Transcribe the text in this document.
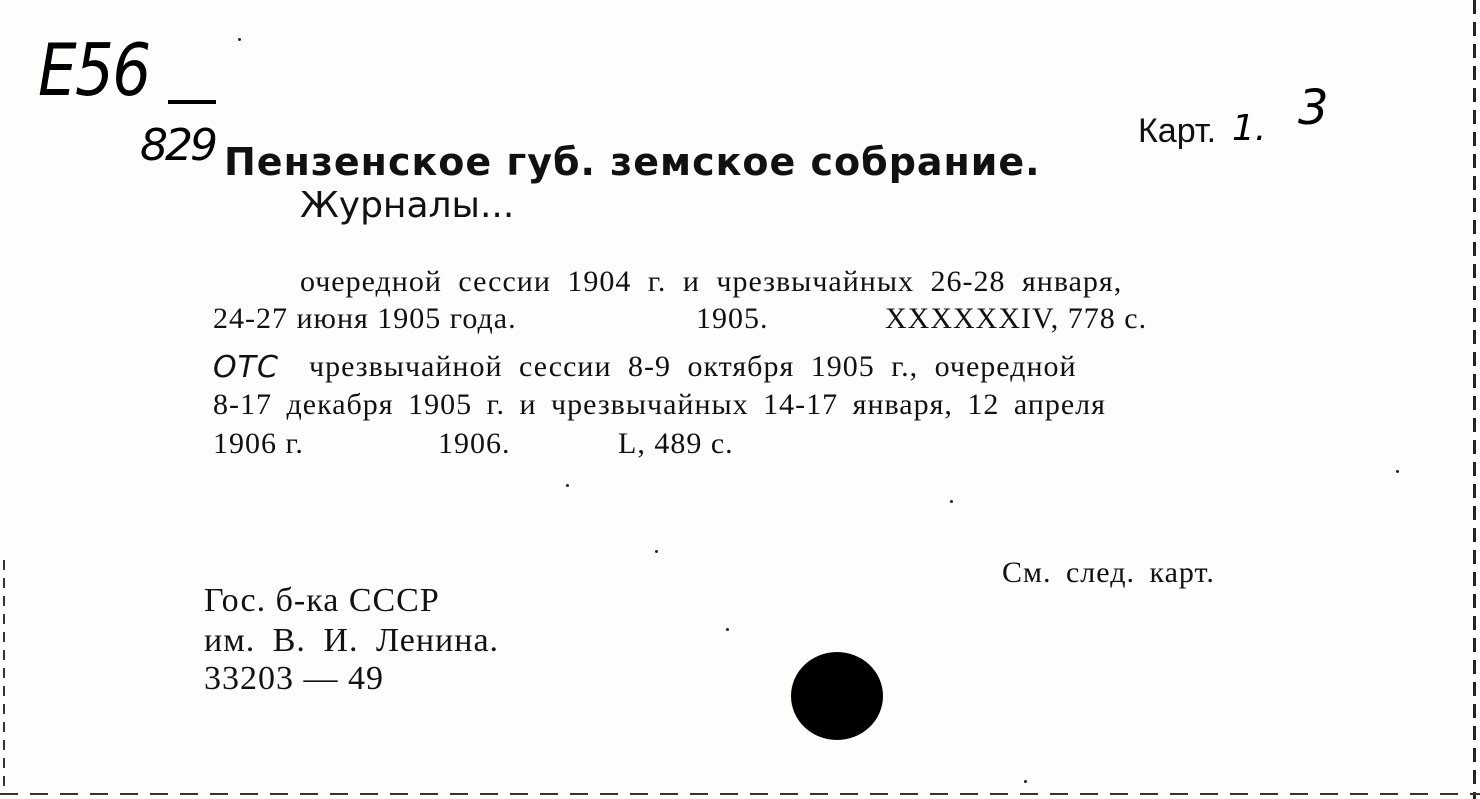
E56
829	Карт. 1. 3
Пензенское губ. земское собрание.
Журналы...
очередной сессии 1904 г. и чрезвычайных 26-28 января,
24-27 июня 1905 года.	1905.	XXXXXXIV, 778 с.
OTC чрезвычайной сессии 8-9 октября 1905 г., очередной
8-17 декабря 1905 г. и чрезвычайных 14-17 января, 12 апреля
1906 г.	1906.	L, 489 с.
См. след. карт.
Гос. б-ка СССР
им. В. И. Ленина.
33203 — 49
